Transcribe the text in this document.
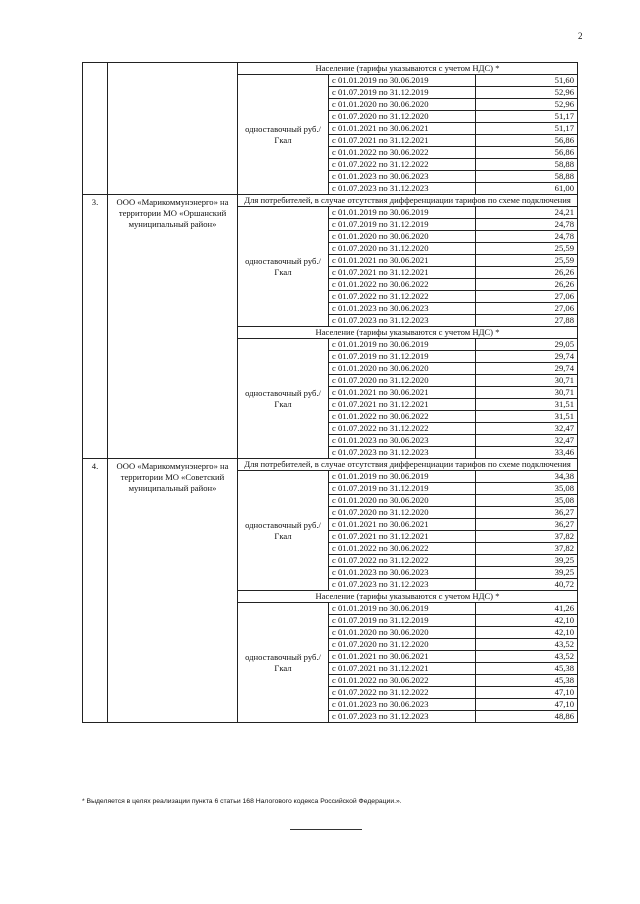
2
		Население (тарифы указываются с учетом НДС) *		
		одноставочный руб./Гкал	с 01.01.2019 по 30.06.2019	51,60
			с 01.07.2019 по 31.12.2019	52,96
			с 01.01.2020 по 30.06.2020	52,96
			с 01.07.2020 по 31.12.2020	51,17
			с 01.01.2021 по 30.06.2021	51,17
			с 01.07.2021 по 31.12.2021	56,86
			с 01.01.2022 по 30.06.2022	56,86
			с 01.07.2022 по 31.12.2022	58,88
			с 01.01.2023 по 30.06.2023	58,88
			с 01.07.2023 по 31.12.2023	61,00
3.	ООО «Марикоммунэнерго» на территории МО «Оршанский муниципальный район»	Для потребителей, в случае отсутствия дифференциации тарифов по схеме подключения		
		одноставочный руб./Гкал	с 01.01.2019 по 30.06.2019	24,21
			с 01.07.2019 по 31.12.2019	24,78
			с 01.01.2020 по 30.06.2020	24,78
			с 01.07.2020 по 31.12.2020	25,59
			с 01.01.2021 по 30.06.2021	25,59
			с 01.07.2021 по 31.12.2021	26,26
			с 01.01.2022 по 30.06.2022	26,26
			с 01.07.2022 по 31.12.2022	27,06
			с 01.01.2023 по 30.06.2023	27,06
			с 01.07.2023 по 31.12.2023	27,88
		Население (тарифы указываются с учетом НДС) *		
		одноставочный руб./Гкал	с 01.01.2019 по 30.06.2019	29,05
			с 01.07.2019 по 31.12.2019	29,74
			с 01.01.2020 по 30.06.2020	29,74
			с 01.07.2020 по 31.12.2020	30,71
			с 01.01.2021 по 30.06.2021	30,71
			с 01.07.2021 по 31.12.2021	31,51
			с 01.01.2022 по 30.06.2022	31,51
			с 01.07.2022 по 31.12.2022	32,47
			с 01.01.2023 по 30.06.2023	32,47
			с 01.07.2023 по 31.12.2023	33,46
4.	ООО «Марикоммунэнерго» на территории МО «Советский муниципальный район»	Для потребителей, в случае отсутствия дифференциации тарифов по схеме подключения		
		одноставочный руб./Гкал	с 01.01.2019 по 30.06.2019	34,38
			с 01.07.2019 по 31.12.2019	35,08
			с 01.01.2020 по 30.06.2020	35,08
			с 01.07.2020 по 31.12.2020	36,27
			с 01.01.2021 по 30.06.2021	36,27
			с 01.07.2021 по 31.12.2021	37,82
			с 01.01.2022 по 30.06.2022	37,82
			с 01.07.2022 по 31.12.2022	39,25
			с 01.01.2023 по 30.06.2023	39,25
			с 01.07.2023 по 31.12.2023	40,72
		Население (тарифы указываются с учетом НДС) *		
		одноставочный руб./Гкал	с 01.01.2019 по 30.06.2019	41,26
			с 01.07.2019 по 31.12.2019	42,10
			с 01.01.2020 по 30.06.2020	42,10
			с 01.07.2020 по 31.12.2020	43,52
			с 01.01.2021 по 30.06.2021	43,52
			с 01.07.2021 по 31.12.2021	45,38
			с 01.01.2022 по 30.06.2022	45,38
			с 01.07.2022 по 31.12.2022	47,10
			с 01.01.2023 по 30.06.2023	47,10
			с 01.07.2023 по 31.12.2023	48,86
* Выделяется в целях реализации пункта 6 статьи 168 Налогового кодекса Российской Федерации.».
